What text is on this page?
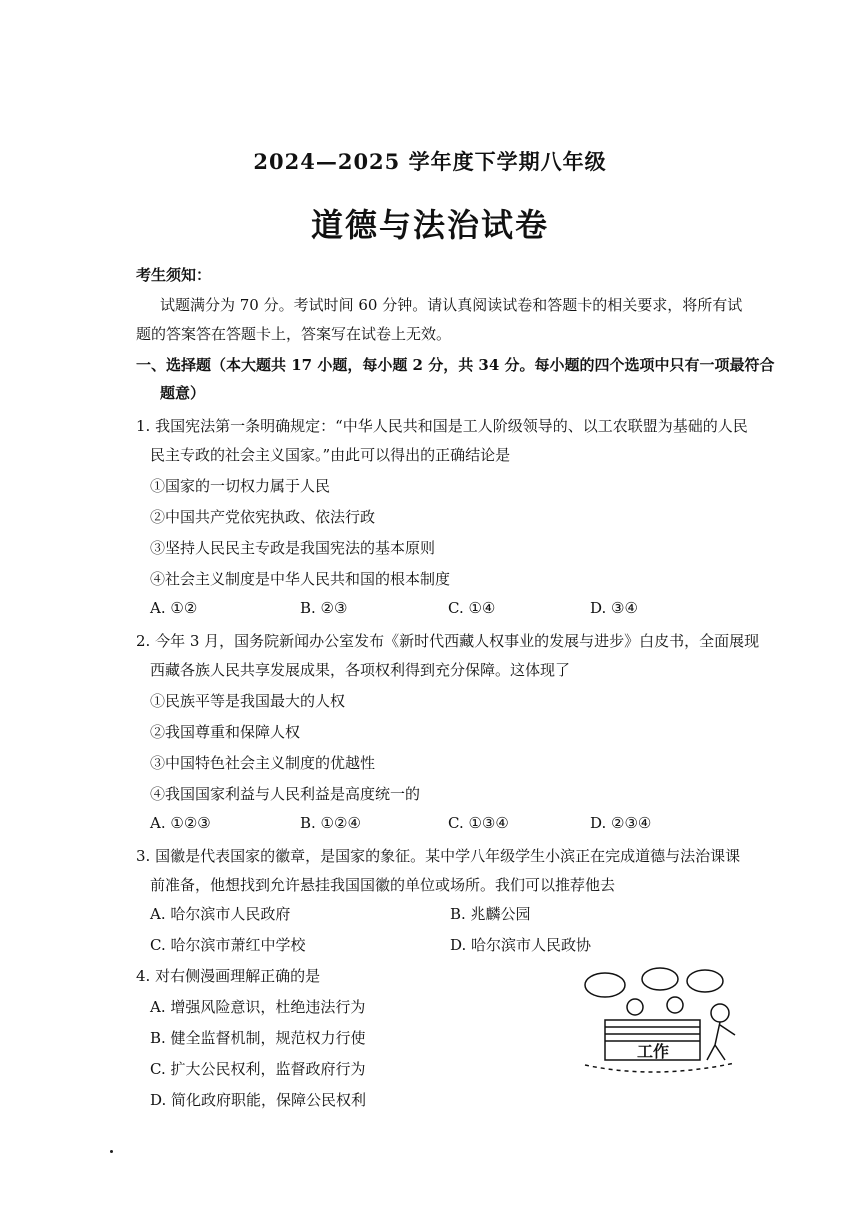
2024—2025 学年度下学期八年级
道德与法治试卷
考生须知：
试题满分为 70 分。考试时间 60 分钟。请认真阅读试卷和答题卡的相关要求，将所有试
题的答案答在答题卡上，答案写在试卷上无效。
一、选择题（本大题共 17 小题，每小题 2 分，共 34 分。每小题的四个选项中只有一项最符合
题意）
1. 我国宪法第一条明确规定：“中华人民共和国是工人阶级领导的、以工农联盟为基础的人民
民主专政的社会主义国家。”由此可以得出的正确结论是
①国家的一切权力属于人民
②中国共产党依宪执政、依法行政
③坚持人民民主专政是我国宪法的基本原则
④社会主义制度是中华人民共和国的根本制度
A. ①②	B. ②③	C. ①④	D. ③④
2. 今年 3 月，国务院新闻办公室发布《新时代西藏人权事业的发展与进步》白皮书，全面展现
西藏各族人民共享发展成果，各项权利得到充分保障。这体现了
①民族平等是我国最大的人权
②我国尊重和保障人权
③中国特色社会主义制度的优越性
④我国国家利益与人民利益是高度统一的
A. ①②③	B. ①②④	C. ①③④	D. ②③④
3. 国徽是代表国家的徽章，是国家的象征。某中学八年级学生小滨正在完成道德与法治课课
前准备，他想找到允许悬挂我国国徽的单位或场所。我们可以推荐他去
A. 哈尔滨市人民政府	B. 兆麟公园
C. 哈尔滨市萧红中学校	D. 哈尔滨市人民政协
4. 对右侧漫画理解正确的是
A. 增强风险意识，杜绝违法行为
B. 健全监督机制，规范权力行使
C. 扩大公民权利，监督政府行为
D. 简化政府职能，保障公民权利
工作
